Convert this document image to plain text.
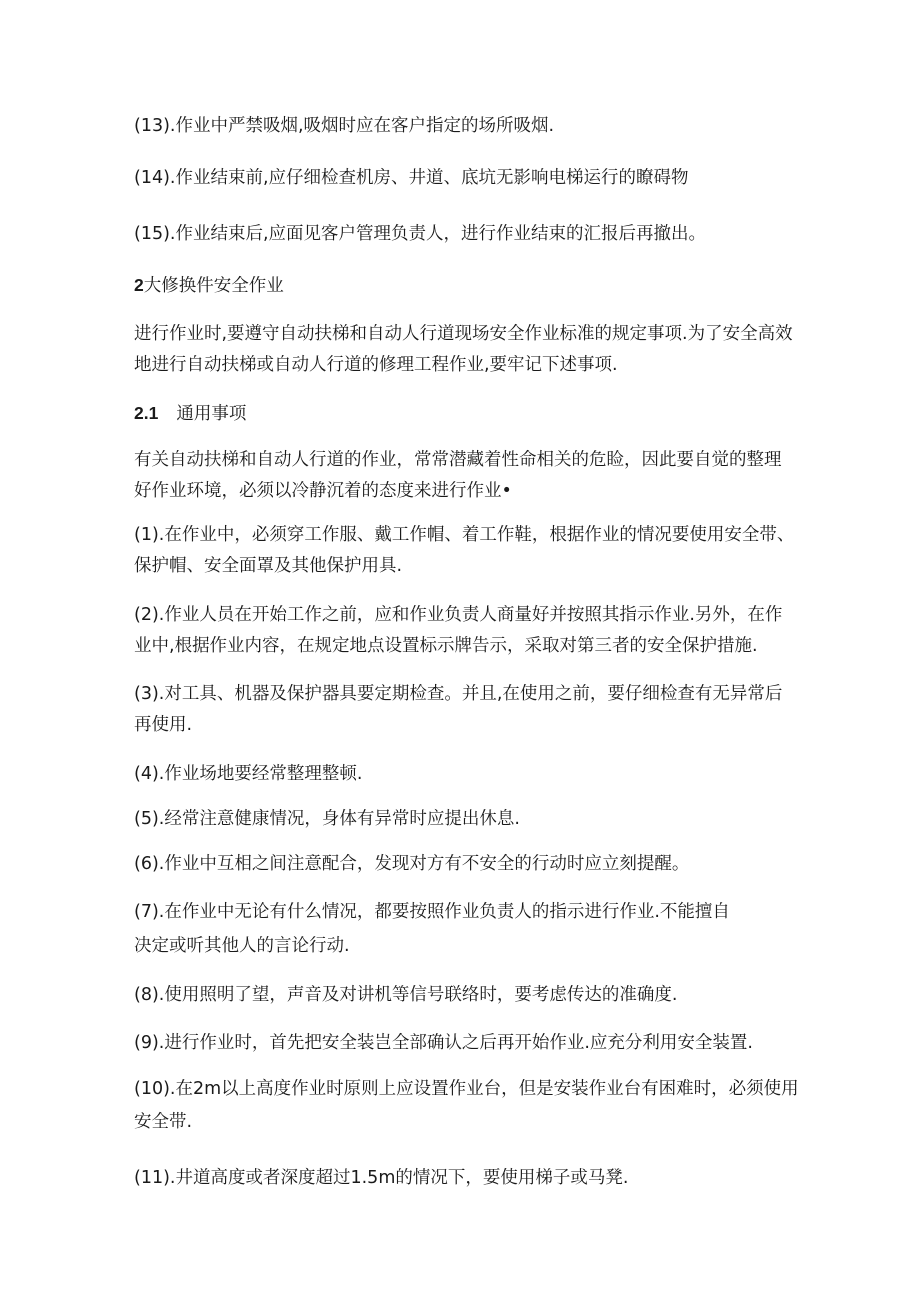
(13).作业中严禁吸烟,吸烟时应在客户指定的场所吸烟.
(14).作业结束前,应仔细检查机房、井道、底坑无影响电梯运行的瞭碍物
(15).作业结束后,应面见客户管理负责人，进行作业结束的汇报后再撤出。
2大修换件安全作业
进行作业时,要遵守自动扶梯和自动人行道现场安全作业标准的规定事项.为了安全高效
地进行自动扶梯或自动人行道的修理工程作业,要牢记下述事项.
2.1 通用事项
有关自动扶梯和自动人行道的作业，常常潜藏着性命相关的危睑，因此要自觉的整理
好作业环境，必须以冷静沉着的态度来进行作业•
(1).在作业中，必须穿工作服、戴工作帽、着工作鞋，根据作业的情况要使用安全带、
保护帽、安全面罩及其他保护用具.
(2).作业人员在开始工作之前，应和作业负责人商量好并按照其指示作业.另外，在作
业中,根据作业内容，在规定地点设置标示牌告示，采取对第三者的安全保护措施.
(3).对工具、机器及保护器具要定期检查。并且,在使用之前，要仔细检查有无异常后
再使用.
(4).作业场地要经常整理整顿.
(5).经常注意健康情况，身体有异常时应提出休息.
(6).作业中互相之间注意配合，发现对方有不安全的行动时应立刻提醒。
(7).在作业中无论有什么情况，都要按照作业负责人的指示进行作业.不能擅自
决定或听其他人的言论行动.
(8).使用照明了望，声音及对讲机等信号联络时，要考虑传达的准确度.
(9).进行作业时，首先把安全装岂全部确认之后再开始作业.应充分利用安全装置.
(10).在2m以上高度作业时原则上应设置作业台，但是安装作业台有困难时，必须使用
安全带.
(11).井道高度或者深度超过1.5m的情况下，要使用梯子或马凳.
